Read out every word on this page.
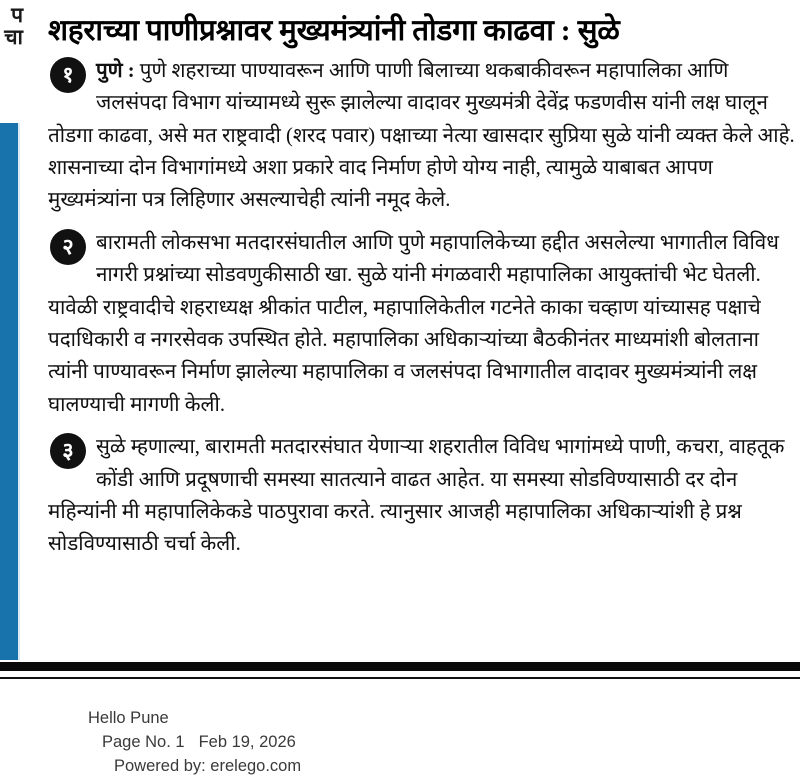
प
चा शहराच्या पाणीप्रश्नावर मुख्यमंत्र्यांनी तोडगा काढवा : सुळे
१	पुणे : पुणे शहराच्या पाण्यावरून आणि पाणी बिलाच्या थकबाकीवरून महापालिका आणि जलसंपदा विभाग यांच्यामध्ये सुरू झालेल्या वादावर मुख्यमंत्री देवेंद्र फडणवीस यांनी लक्ष घालून तोडगा काढवा, असे मत राष्ट्रवादी (शरद पवार) पक्षाच्या नेत्या खासदार सुप्रिया सुळे यांनी व्यक्त केले आहे. शासनाच्या दोन विभागांमध्ये अशा प्रकारे वाद निर्माण होणे योग्य नाही, त्यामुळे याबाबत आपण मुख्यमंत्र्यांना पत्र लिहिणार असल्याचेही त्यांनी नमूद केले.

२	बारामती लोकसभा मतदारसंघातील आणि पुणे महापालिकेच्या हद्दीत असलेल्या भागातील विविध नागरी प्रश्नांच्या सोडवणुकीसाठी खा. सुळे यांनी मंगळवारी महापालिका आयुक्तांची भेट घेतली. यावेळी राष्ट्रवादीचे शहराध्यक्ष श्रीकांत पाटील, महापालिकेतील गटनेते काका चव्हाण यांच्यासह पक्षाचे पदाधिकारी व नगरसेवक उपस्थित होते. महापालिका अधिकाऱ्यांच्या बैठकीनंतर माध्यमांशी बोलताना त्यांनी पाण्यावरून निर्माण झालेल्या महापालिका व जलसंपदा विभागातील वादावर मुख्यमंत्र्यांनी लक्ष घालण्याची मागणी केली.

३	सुळे म्हणाल्या, बारामती मतदारसंघात येणाऱ्या शहरातील विविध भागांमध्ये पाणी, कचरा, वाहतूक कोंडी आणि प्रदूषणाची समस्या सातत्याने वाढत आहेत. या समस्या सोडविण्यासाठी दर दोन महिन्यांनी मी महापालिकेकडे पाठपुरावा करते. त्यानुसार आजही महापालिका अधिकाऱ्यांशी हे प्रश्न सोडविण्यासाठी चर्चा केली.

Hello Pune
Page No. 1 Feb 19, 2026
Powered by: erelego.com
